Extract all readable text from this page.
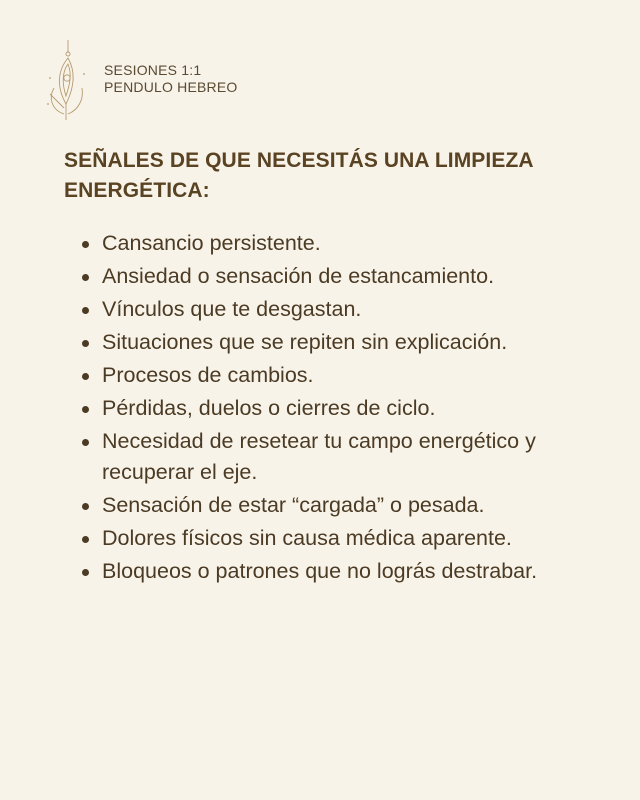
SESIONES 1:1
PENDULO HEBREO
SEÑALES DE QUE NECESITÁS UNA LIMPIEZA ENERGÉTICA:
Cansancio persistente.
Ansiedad o sensación de estancamiento.
Vínculos que te desgastan.
Situaciones que se repiten sin explicación.
Procesos de cambios.
Pérdidas, duelos o cierres de ciclo.
Necesidad de resetear tu campo energético y recuperar el eje.
Sensación de estar “cargada” o pesada.
Dolores físicos sin causa médica aparente.
Bloqueos o patrones que no lográs destrabar.
